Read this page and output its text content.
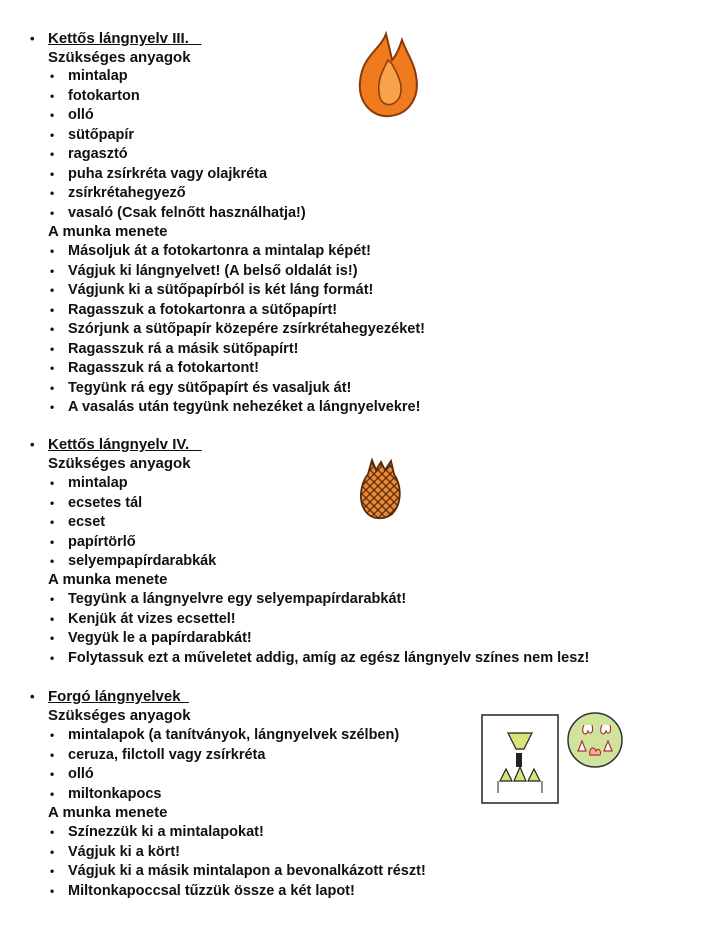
• Kettős lángnyelv III.
Szükséges anyagok
• mintalap
• fotokarton
• olló
• sütőpapír
• ragasztó
• puha zsírkréta vagy olajkréta
• zsírkrétahegyező
• vasaló (Csak felnőtt használhatja!)
A munka menete
• Másoljuk át a fotokartonra a mintalap képét!
• Vágjuk ki lángnyelvet! (A belső oldalát is!)
• Vágjunk ki a sütőpapírból is két láng formát!
• Ragasszuk a fotokartonra a sütőpapírt!
• Szórjunk a sütőpapír közepére zsírkrétahegyezéket!
• Ragasszuk rá a másik sütőpapírt!
• Ragasszuk rá a fotokartont!
• Tegyünk rá egy sütőpapírt és vasaljuk át!
• A vasalás után tegyünk nehezéket a lángnyelvekre!
• Kettős lángnyelv IV.
Szükséges anyagok
• mintalap
• ecsetes tál
• ecset
• papírtörlő
• selyempapírdarabkák
A munka menete
• Tegyünk a lángnyelvre egy selyempapírdarabkát!
• Kenjük át vizes ecsettel!
• Vegyük le a papírdarabkát!
• Folytassuk ezt a műveletet addig, amíg az egész lángnyelv színes nem lesz!
• Forgó lángnyelvek
Szükséges anyagok
• mintalapok (a tanítványok, lángnyelvek szélben)
• ceruza, filctoll vagy zsírkréta
• olló
• miltonkapocs
A munka menete
• Színezzük ki a mintalapokat!
• Vágjuk ki a kört!
• Vágjuk ki a másik mintalapon a bevonalkázott részt!
• Miltonkapoccsal tűzzük össze a két lapot!
